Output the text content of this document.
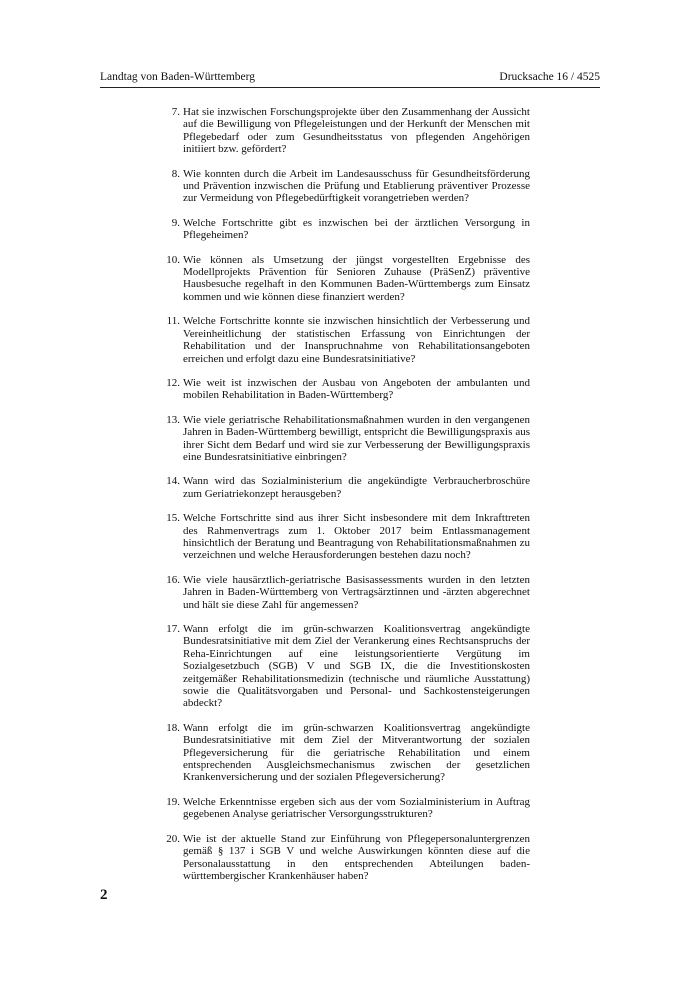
Landtag von Baden-Württemberg	Drucksache 16 / 4525
7. Hat sie inzwischen Forschungsprojekte über den Zusammenhang der Aussicht auf die Bewilligung von Pflegeleistungen und der Herkunft der Menschen mit Pflegebedarf oder zum Gesundheitsstatus von pflegenden Angehörigen initiiert bzw. gefördert?
8. Wie konnten durch die Arbeit im Landesausschuss für Gesundheitsförderung und Prävention inzwischen die Prüfung und Etablierung präventiver Prozesse zur Vermeidung von Pflegebedürftigkeit vorangetrieben werden?
9. Welche Fortschritte gibt es inzwischen bei der ärztlichen Versorgung in Pflegeheimen?
10. Wie können als Umsetzung der jüngst vorgestellten Ergebnisse des Modellprojekts Prävention für Senioren Zuhause (PräSenZ) präventive Hausbesuche regelhaft in den Kommunen Baden-Württembergs zum Einsatz kommen und wie können diese finanziert werden?
11. Welche Fortschritte konnte sie inzwischen hinsichtlich der Verbesserung und Vereinheitlichung der statistischen Erfassung von Einrichtungen der Rehabilitation und der Inanspruchnahme von Rehabilitationsangeboten erreichen und erfolgt dazu eine Bundesratsinitiative?
12. Wie weit ist inzwischen der Ausbau von Angeboten der ambulanten und mobilen Rehabilitation in Baden-Württemberg?
13. Wie viele geriatrische Rehabilitationsmaßnahmen wurden in den vergangenen Jahren in Baden-Württemberg bewilligt, entspricht die Bewilligungspraxis aus ihrer Sicht dem Bedarf und wird sie zur Verbesserung der Bewilligungspraxis eine Bundesratsinitiative einbringen?
14. Wann wird das Sozialministerium die angekündigte Verbraucherbroschüre zum Geriatriekonzept herausgeben?
15. Welche Fortschritte sind aus ihrer Sicht insbesondere mit dem Inkrafttreten des Rahmenvertrags zum 1. Oktober 2017 beim Entlassmanagement hinsichtlich der Beratung und Beantragung von Rehabilitationsmaßnahmen zu verzeichnen und welche Herausforderungen bestehen dazu noch?
16. Wie viele hausärztlich-geriatrische Basisassessments wurden in den letzten Jahren in Baden-Württemberg von Vertragsärztinnen und -ärzten abgerechnet und hält sie diese Zahl für angemessen?
17. Wann erfolgt die im grün-schwarzen Koalitionsvertrag angekündigte Bundesratsinitiative mit dem Ziel der Verankerung eines Rechtsanspruchs der Reha-Einrichtungen auf eine leistungsorientierte Vergütung im Sozialgesetzbuch (SGB) V und SGB IX, die die Investitionskosten zeitgemäßer Rehabilitationsmedizin (technische und räumliche Ausstattung) sowie die Qualitätsvorgaben und Personal- und Sachkostensteigerungen abdeckt?
18. Wann erfolgt die im grün-schwarzen Koalitionsvertrag angekündigte Bundesratsinitiative mit dem Ziel der Mitverantwortung der sozialen Pflegeversicherung für die geriatrische Rehabilitation und einem entsprechenden Ausgleichsmechanismus zwischen der gesetzlichen Krankenversicherung und der sozialen Pflegeversicherung?
19. Welche Erkenntnisse ergeben sich aus der vom Sozialministerium in Auftrag gegebenen Analyse geriatrischer Versorgungsstrukturen?
20. Wie ist der aktuelle Stand zur Einführung von Pflegepersonaluntergrenzen gemäß § 137 i SGB V und welche Auswirkungen könnten diese auf die Personalausstattung in den entsprechenden Abteilungen baden-württembergischer Krankenhäuser haben?
2
